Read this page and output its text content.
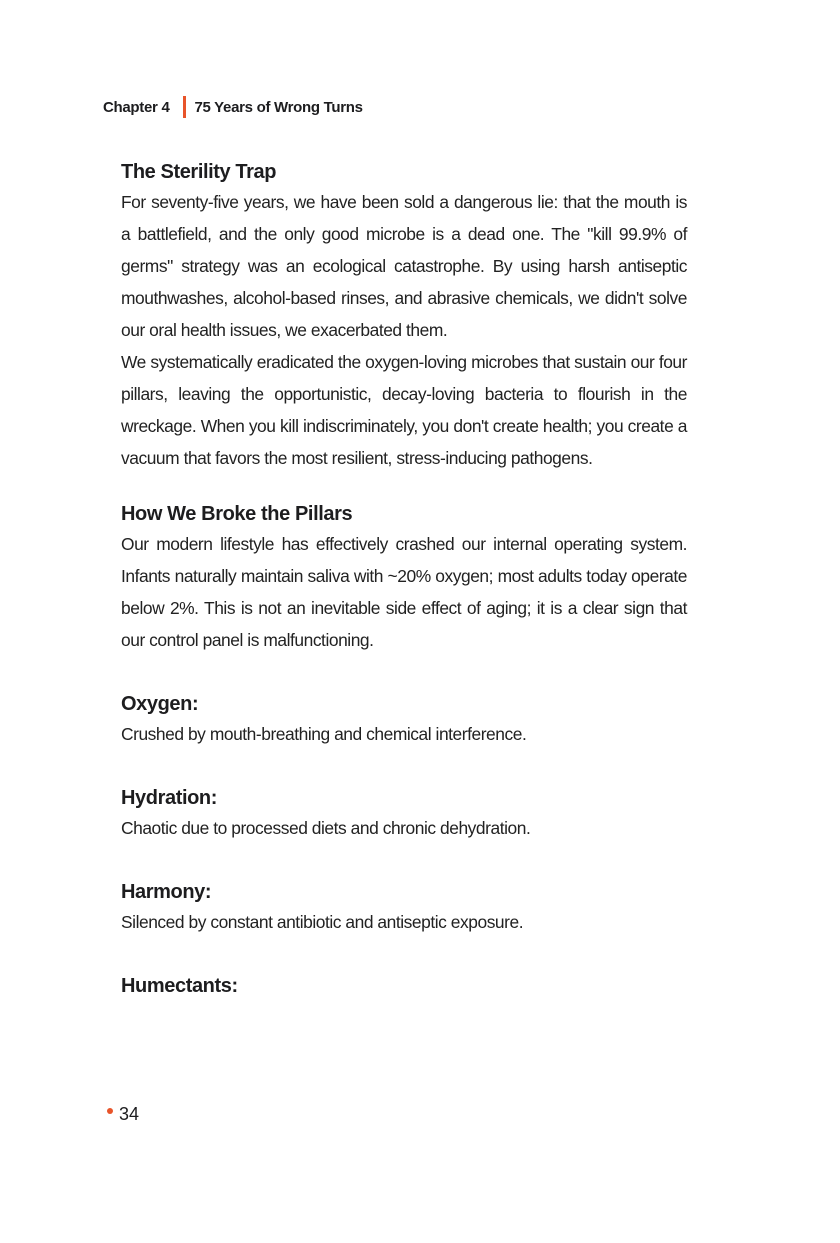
Chapter 4 75 Years of Wrong Turns
The Sterility Trap

For seventy-five years, we have been sold a dangerous lie: that the mouth is a battlefield, and the only good microbe is a dead one. The "kill 99.9% of germs" strategy was an ecological catastrophe. By using harsh antiseptic mouthwashes, alcohol-based rinses, and abrasive chemicals, we didn't solve our oral health issues, we exacerbated them.

We systematically eradicated the oxygen-loving microbes that sustain our four pillars, leaving the opportunistic, decay-loving bacteria to flourish in the wreckage. When you kill indiscriminately, you don't create health; you create a vacuum that favors the most resilient, stress-inducing pathogens.

How We Broke the Pillars

Our modern lifestyle has effectively crashed our internal operating system. Infants naturally maintain saliva with ~20% oxygen; most adults today operate below 2%. This is not an inevitable side effect of aging; it is a clear sign that our control panel is malfunctioning.

Oxygen:

Crushed by mouth-breathing and chemical interference.

Hydration:

Chaotic due to processed diets and chronic dehydration.

Harmony:

Silenced by constant antibiotic and antiseptic exposure.

Humectants:
34
